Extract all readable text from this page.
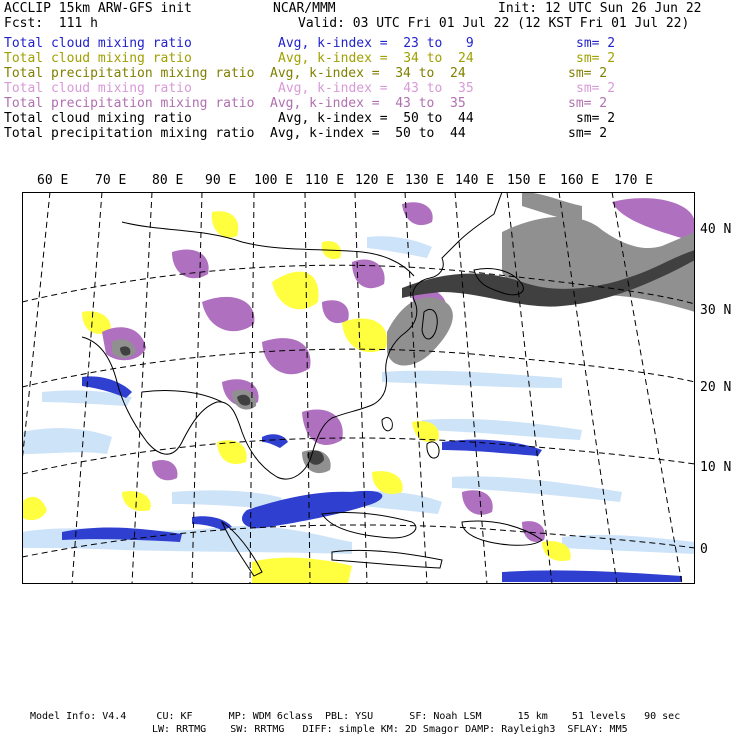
ACCLIP 15km ARW-GFS init	NCAR/MMM	Init: 12 UTC Sun 26 Jun 22
Fcst:  111 h	Valid: 03 UTC Fri 01 Jul 22 (12 KST Fri 01 Jul 22)
Total cloud mixing ratio	Avg, k-index =  23 to   9	sm= 2
Total cloud mixing ratio	Avg, k-index =  34 to  24	sm= 2
Total precipitation mixing ratio Avg, k-index =  34 to  24	sm= 2
Total cloud mixing ratio	Avg, k-index =  43 to  35	sm= 2
Total precipitation mixing ratio Avg, k-index =  43 to  35	sm= 2
Total cloud mixing ratio	Avg, k-index =  50 to  44	sm= 2
Total precipitation mixing ratio Avg, k-index =  50 to  44	sm= 2
60 E 70 E 80 E 90 E 100 E 110 E 120 E 130 E 140 E 150 E 160 E 170 E
40 N
30 N
20 N
10 N
0
Model Info: V4.4     CU: KF      MP: WDM 6class  PBL: YSU      SF: Noah LSM      15 km    51 levels   90 sec
LW: RRTMG    SW: RRTMG   DIFF: simple KM: 2D Smagor DAMP: Rayleigh3  SFLAY: MM5
